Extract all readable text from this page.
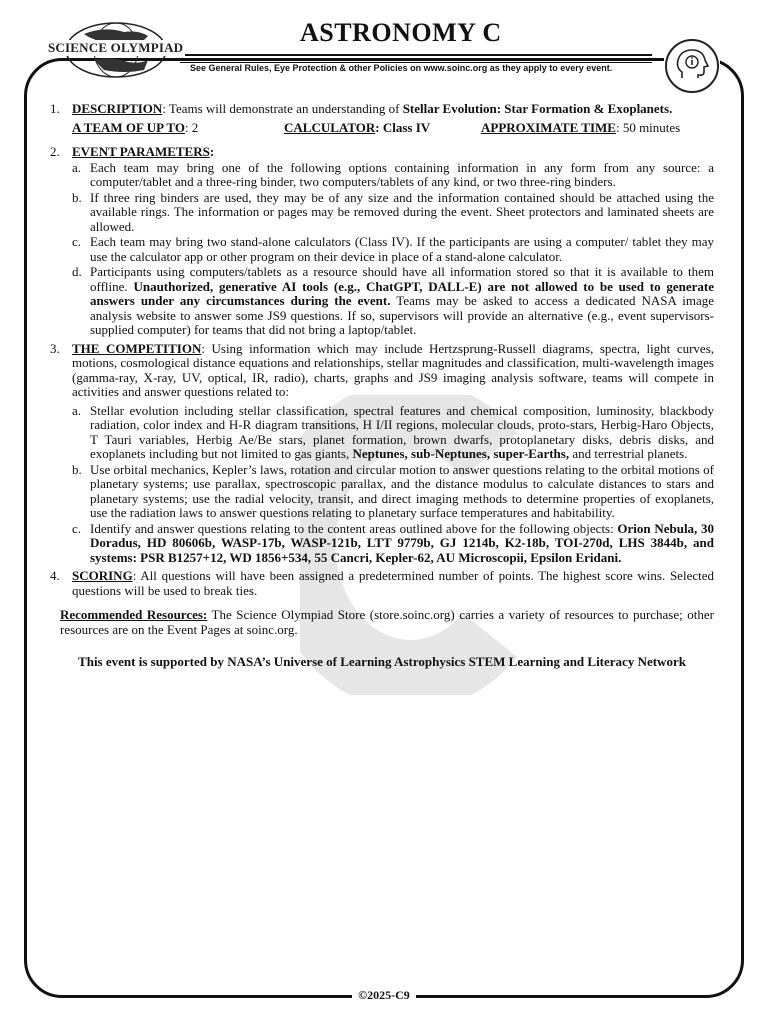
SCIENCE OLYMPIAD
ASTRONOMY C
See General Rules, Eye Protection & other Policies on www.soinc.org as they apply to every event.
1. DESCRIPTION: Teams will demonstrate an understanding of Stellar Evolution: Star Formation & Exoplanets.
A TEAM OF UP TO: 2	CALCULATOR: Class IV	APPROXIMATE TIME: 50 minutes
2. EVENT PARAMETERS:
a. Each team may bring one of the following options containing information in any form from any source: a computer/tablet and a three-ring binder, two computers/tablets of any kind, or two three-ring binders.
b. If three ring binders are used, they may be of any size and the information contained should be attached using the available rings. The information or pages may be removed during the event. Sheet protectors and laminated sheets are allowed.
c. Each team may bring two stand-alone calculators (Class IV). If the participants are using a computer/ tablet they may use the calculator app or other program on their device in place of a stand-alone calculator.
d. Participants using computers/tablets as a resource should have all information stored so that it is available to them offline. Unauthorized, generative AI tools (e.g., ChatGPT, DALL-E) are not allowed to be used to generate answers under any circumstances during the event. Teams may be asked to access a dedicated NASA image analysis website to answer some JS9 questions. If so, supervisors will provide an alternative (e.g., event supervisors-supplied computer) for teams that did not bring a laptop/tablet.
3. THE COMPETITION: Using information which may include Hertzsprung-Russell diagrams, spectra, light curves, motions, cosmological distance equations and relationships, stellar magnitudes and classification, multi-wavelength images (gamma-ray, X-ray, UV, optical, IR, radio), charts, graphs and JS9 imaging analysis software, teams will compete in activities and answer questions related to:
a. Stellar evolution including stellar classification, spectral features and chemical composition, luminosity, blackbody radiation, color index and H-R diagram transitions, H I/II regions, molecular clouds, proto-stars, Herbig-Haro Objects, T Tauri variables, Herbig Ae/Be stars, planet formation, brown dwarfs, protoplanetary disks, debris disks, and exoplanets including but not limited to gas giants, Neptunes, sub-Neptunes, super-Earths, and terrestrial planets.
b. Use orbital mechanics, Kepler’s laws, rotation and circular motion to answer questions relating to the orbital motions of planetary systems; use parallax, spectroscopic parallax, and the distance modulus to calculate distances to stars and planetary systems; use the radial velocity, transit, and direct imaging methods to determine properties of exoplanets, use the radiation laws to answer questions relating to planetary surface temperatures and habitability.
c. Identify and answer questions relating to the content areas outlined above for the following objects: Orion Nebula, 30 Doradus, HD 80606b, WASP-17b, WASP-121b, LTT 9779b, GJ 1214b, K2-18b, TOI-270d, LHS 3844b, and systems: PSR B1257+12, WD 1856+534, 55 Cancri, Kepler-62, AU Microscopii, Epsilon Eridani.
4. SCORING: All questions will have been assigned a predetermined number of points. The highest score wins. Selected questions will be used to break ties.
Recommended Resources: The Science Olympiad Store (store.soinc.org) carries a variety of resources to purchase; other resources are on the Event Pages at soinc.org.
This event is supported by NASA’s Universe of Learning Astrophysics STEM Learning and Literacy Network
©2025-C9
